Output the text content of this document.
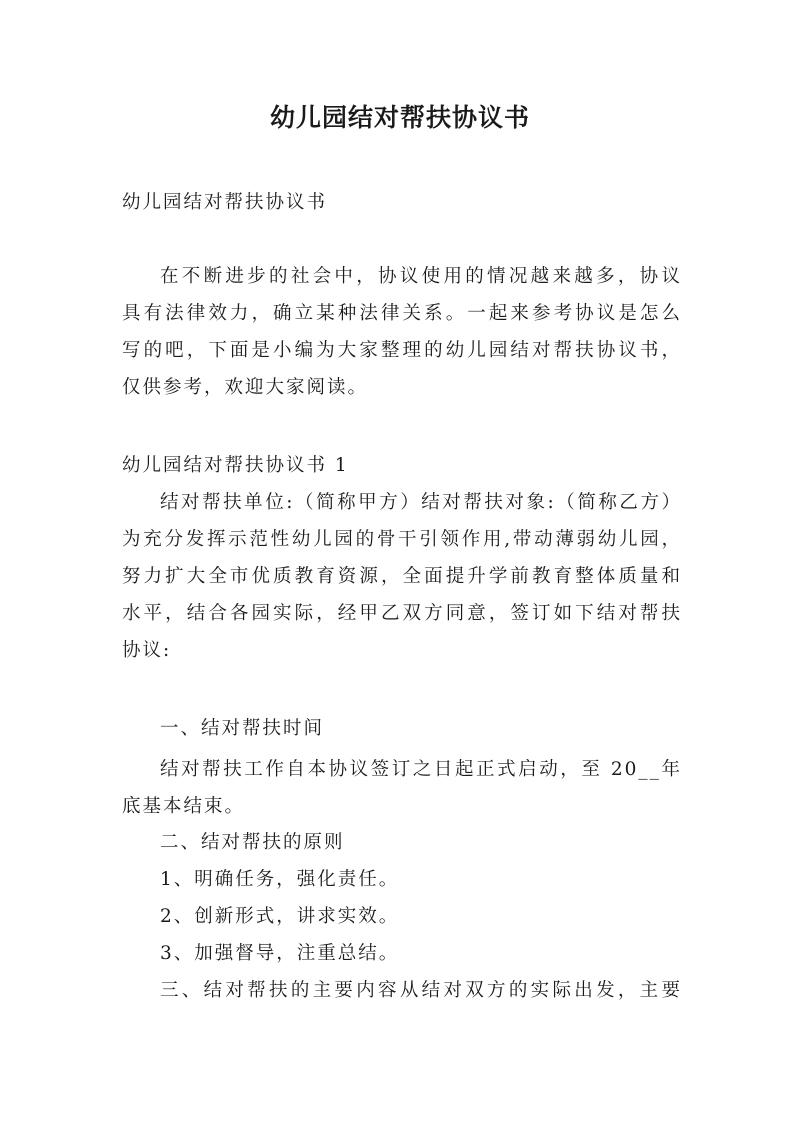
幼儿园结对帮扶协议书
幼儿园结对帮扶协议书
在不断进步的社会中，协议使用的情况越来越多，协议
具有法律效力，确立某种法律关系。一起来参考协议是怎么
写的吧，下面是小编为大家整理的幼儿园结对帮扶协议书，
仅供参考，欢迎大家阅读。
幼儿园结对帮扶协议书 1
结对帮扶单位:（简称甲方）结对帮扶对象:（简称乙方）
为充分发挥示范性幼儿园的骨干引领作用,带动薄弱幼儿园，
努力扩大全市优质教育资源，全面提升学前教育整体质量和
水平，结合各园实际，经甲乙双方同意，签订如下结对帮扶
协议:
一、结对帮扶时间
结对帮扶工作自本协议签订之日起正式启动，至 20__年
底基本结束。
二、结对帮扶的原则
1、明确任务，强化责任。
2、创新形式，讲求实效。
3、加强督导，注重总结。
三、结对帮扶的主要内容从结对双方的实际出发，主要
